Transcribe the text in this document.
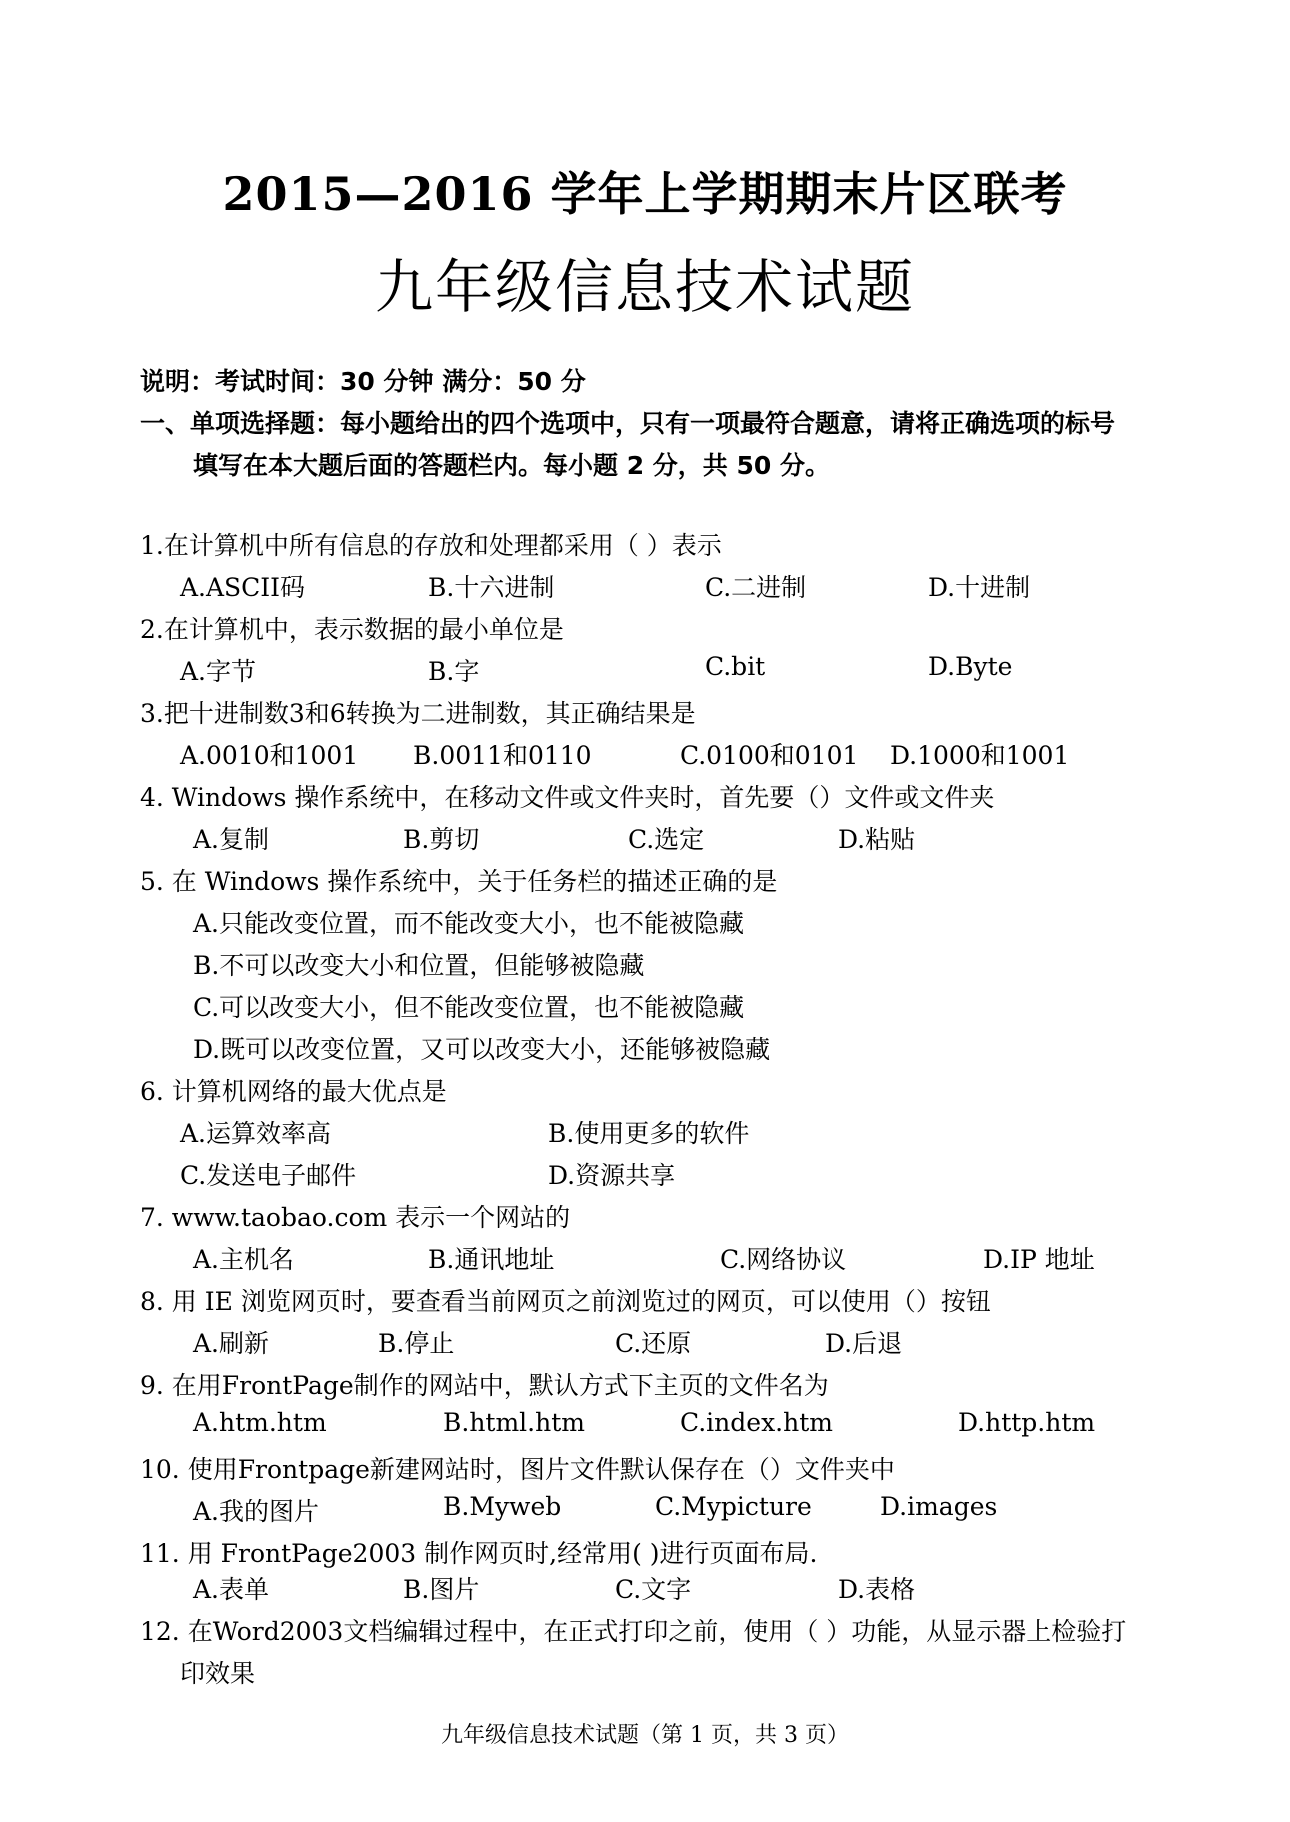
2015—2016 学年上学期期末片区联考
九年级信息技术试题
说明：考试时间：30 分钟 满分：50 分
一、单项选择题：每小题给出的四个选项中，只有一项最符合题意，请将正确选项的标号
填写在本大题后面的答题栏内。每小题 2 分，共 50 分。
1.在计算机中所有信息的存放和处理都采用（ ）表示
A.ASCII码	B.十六进制	C.二进制	D.十进制
2.在计算机中，表示数据的最小单位是
A.字节	B.字	C.bit	D.Byte
3.把十进制数3和6转换为二进制数，其正确结果是
A.0010和1001 B.0011和0110	C.0100和0101 D.1000和1001
4. Windows 操作系统中，在移动文件或文件夹时，首先要（）文件或文件夹
A.复制	B.剪切	C.选定	D.粘贴
5. 在 Windows 操作系统中，关于任务栏的描述正确的是
A.只能改变位置，而不能改变大小，也不能被隐藏
B.不可以改变大小和位置，但能够被隐藏
C.可以改变大小，但不能改变位置，也不能被隐藏
D.既可以改变位置，又可以改变大小，还能够被隐藏
6. 计算机网络的最大优点是
A.运算效率高	B.使用更多的软件
C.发送电子邮件	D.资源共享
7. www.taobao.com 表示一个网站的
A.主机名	B.通讯地址	C.网络协议	D.IP 地址
8. 用 IE 浏览网页时，要查看当前网页之前浏览过的网页，可以使用（）按钮
A.刷新	B.停止	C.还原	D.后退
9. 在用FrontPage制作的网站中，默认方式下主页的文件名为
A.htm.htm	B.html.htm	C.index.htm	D.http.htm
10. 使用Frontpage新建网站时，图片文件默认保存在（）文件夹中
A.我的图片	B.Myweb	C.Mypicture	D.images
11. 用 FrontPage2003 制作网页时,经常用( )进行页面布局.
A.表单	B.图片	C.文字	D.表格
12. 在Word2003文档编辑过程中，在正式打印之前，使用（ ）功能，从显示器上检验打
印效果
九年级信息技术试题（第 1 页，共 3 页）
